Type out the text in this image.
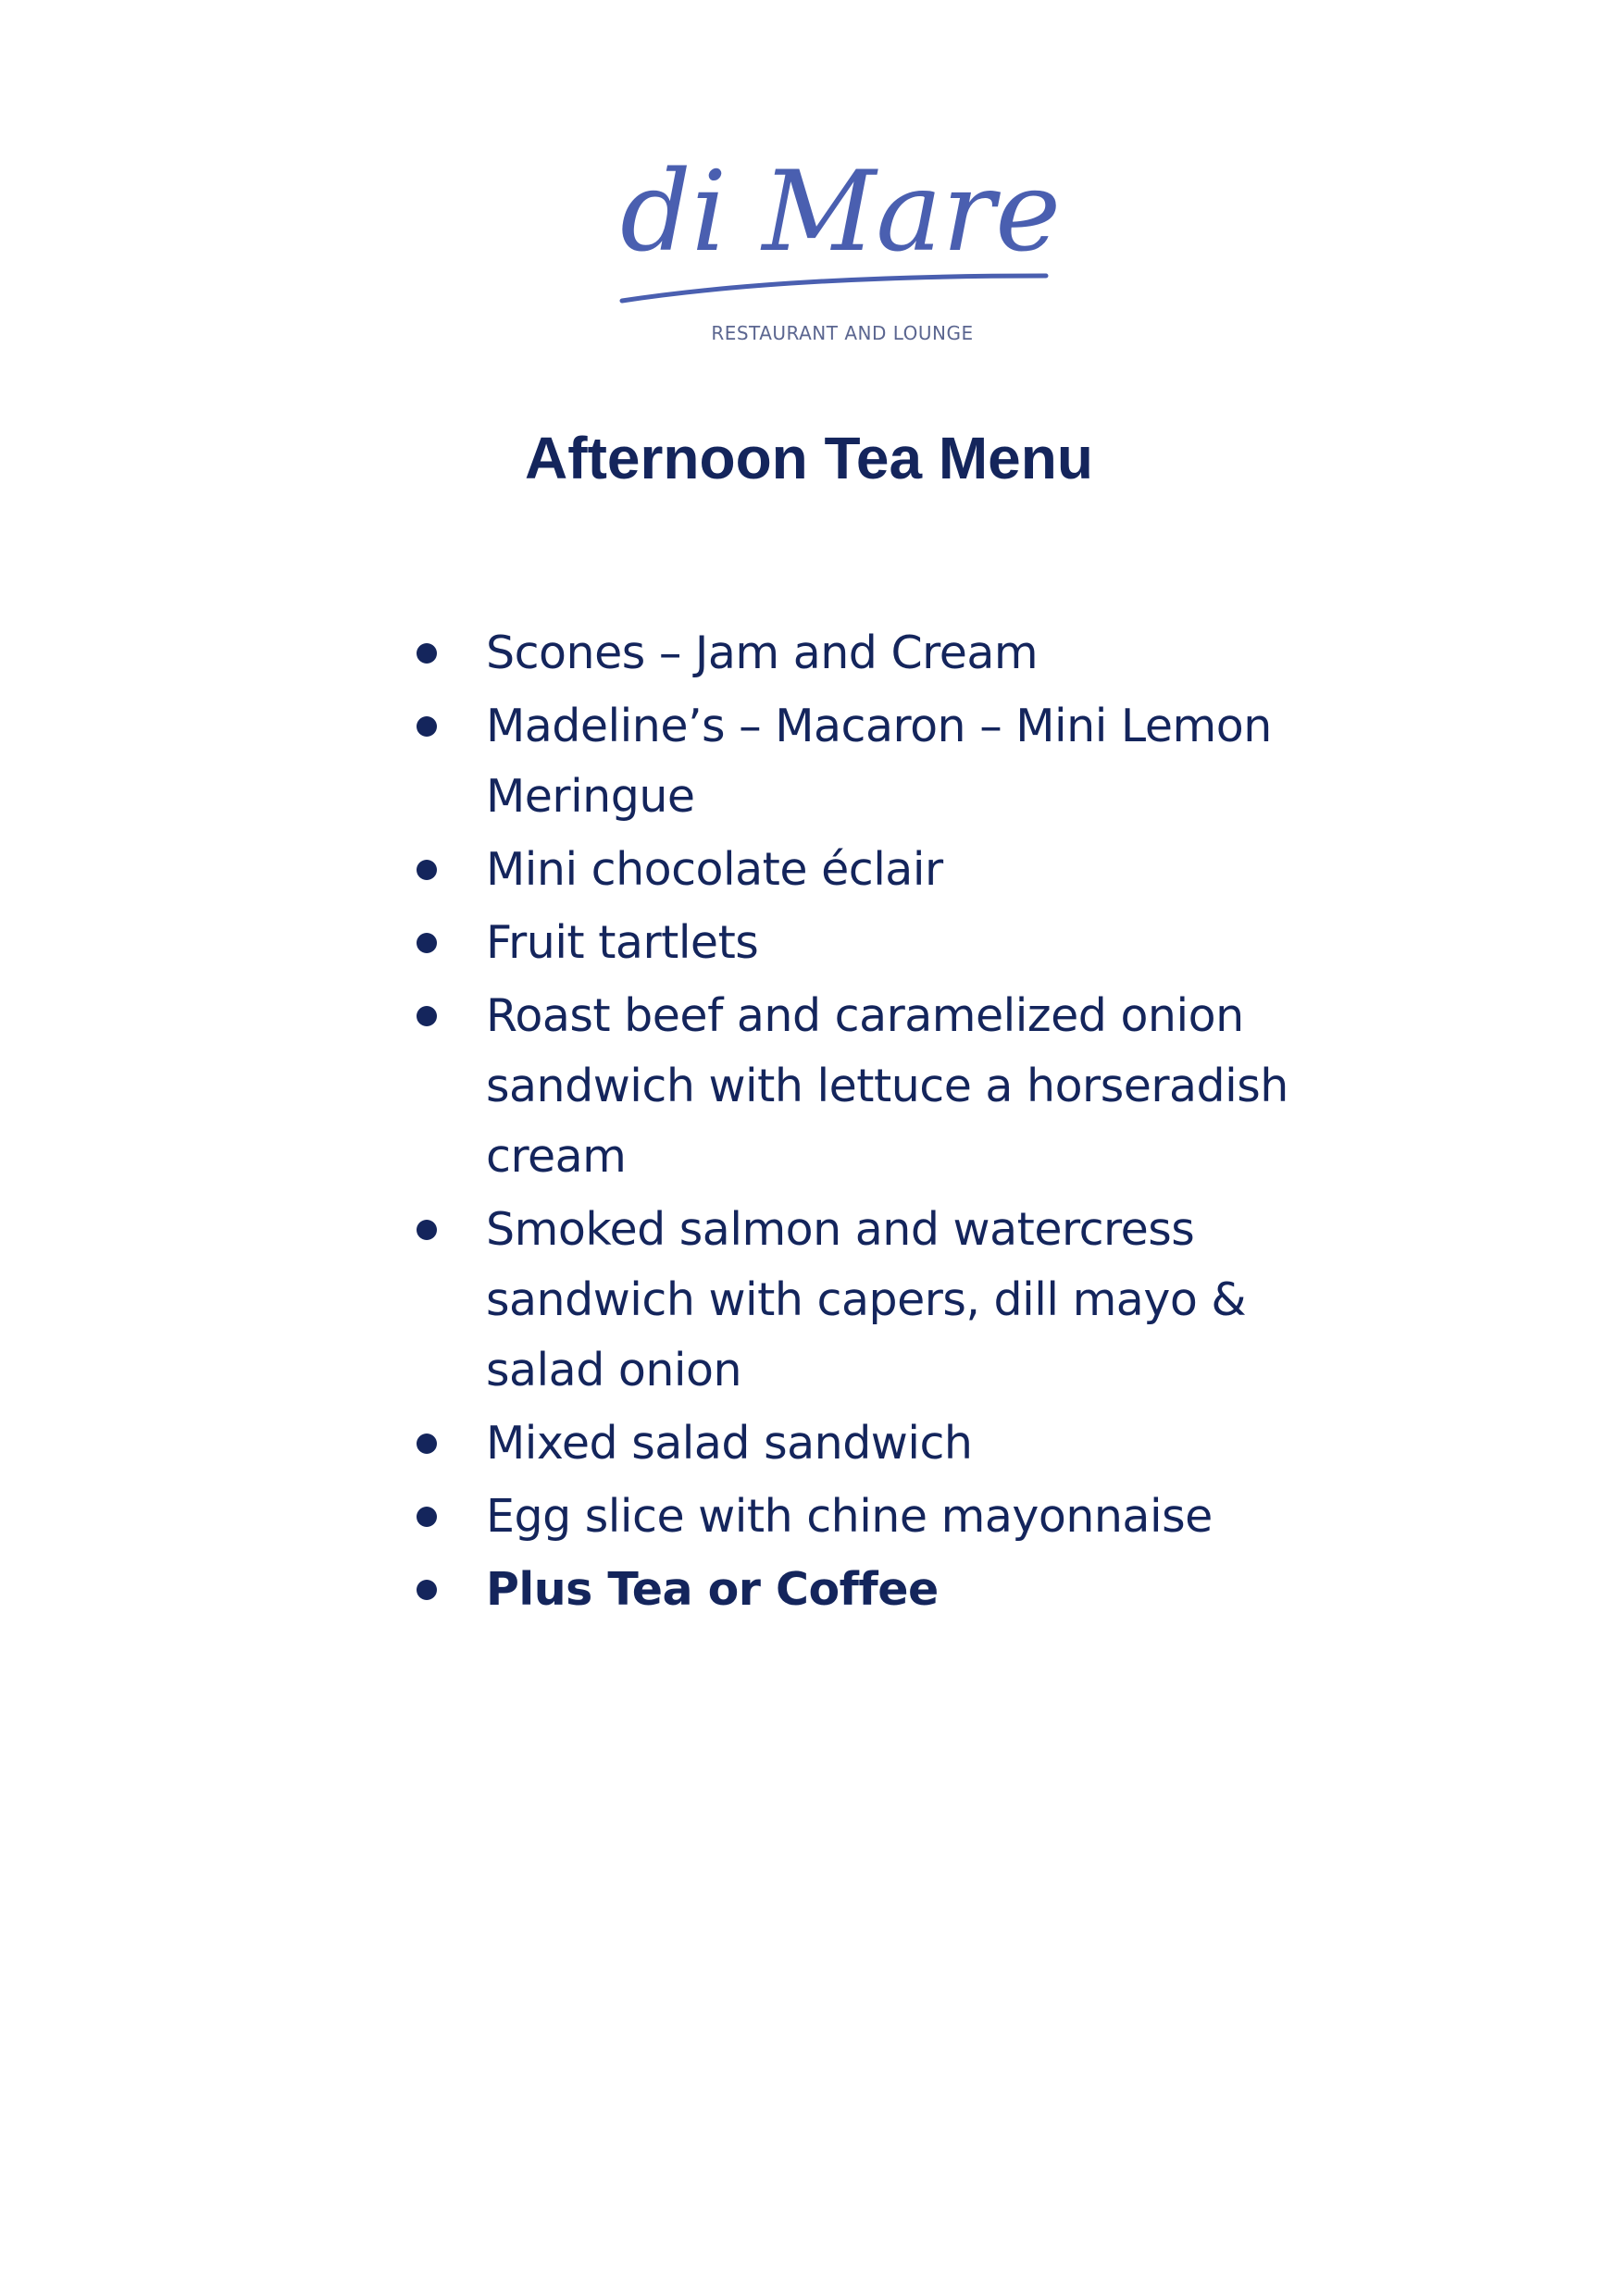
di Mare
RESTAURANT AND LOUNGE
Afternoon Tea Menu
Scones – Jam and Cream
Madeline’s – Macaron – Mini Lemon Meringue
Mini chocolate éclair
Fruit tartlets
Roast beef and caramelized onion sandwich with lettuce a horseradish cream
Smoked salmon and watercress sandwich with capers, dill mayo & salad onion
Mixed salad sandwich
Egg slice with chine mayonnaise
Plus Tea or Coffee
